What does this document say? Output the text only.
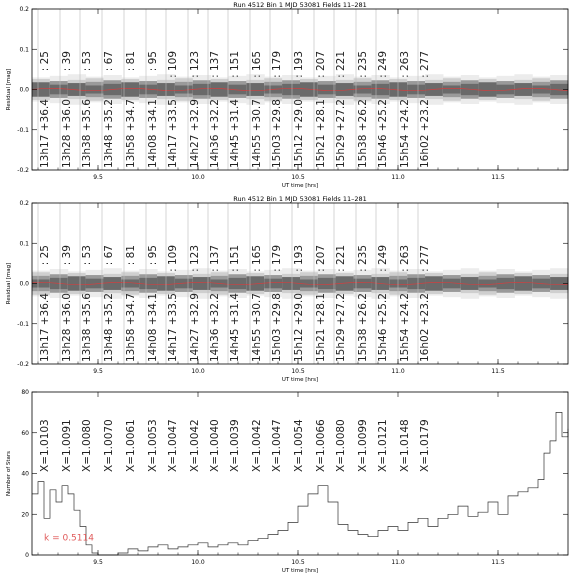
-0.2
-0.1
0.0
0.1
0.2
9.5	10.0	10.5	11.0	11.5
Run 4512 Bin 1 MJD 53081 Fields 11–281
UT time [hrs]
Residual [mag]
: 25
13h17 +36.4
: 39
13h28 +36.0
: 53
13h38 +35.6
: 67
13h48 +35.2
: 81
13h58 +34.7
: 95
14h08 +34.1
: 109
14h17 +33.5
: 123
14h27 +32.9
: 137
14h36 +32.2
: 151
14h45 +31.4
: 165
14h55 +30.7
: 179
15h03 +29.8
: 193
15h12 +29.0
: 207
15h21 +28.1
: 221
15h29 +27.2
: 235
15h38 +26.2
: 249
15h46 +25.2
: 263
15h54 +24.2
: 277
16h02 +23.2
-0.2
-0.1
0.0
0.1
0.2
9.5	10.0	10.5	11.0	11.5
Run 4512 Bin 1 MJD 53081 Fields 11–281
UT time [hrs]
Residual [mag]
: 25
13h17 +36.4
: 39
13h28 +36.0
: 53
13h38 +35.6
: 67
13h48 +35.2
: 81
13h58 +34.7
: 95
14h08 +34.1
: 109
14h17 +33.5
: 123
14h27 +32.9
: 137
14h36 +32.2
: 151
14h45 +31.4
: 165
14h55 +30.7
: 179
15h03 +29.8
: 193
15h12 +29.0
: 207
15h21 +28.1
: 221
15h29 +27.2
: 235
15h38 +26.2
: 249
15h46 +25.2
: 263
15h54 +24.2
: 277
16h02 +23.2
0
20
40
60
80
9.5	10.0	10.5	11.0	11.5
UT time [hrs]
Number of Stars
X=1.0103 X=1.0091 X=1.0080 X=1.0070 X=1.0061 X=1.0053 X=1.0047 X=1.0042 X=1.0040 X=1.0039 X=1.0042 X=1.0047 X=1.0054 X=1.0066 X=1.0080 X=1.0099 X=1.0121 X=1.0148 X=1.0179
k = 0.5114
